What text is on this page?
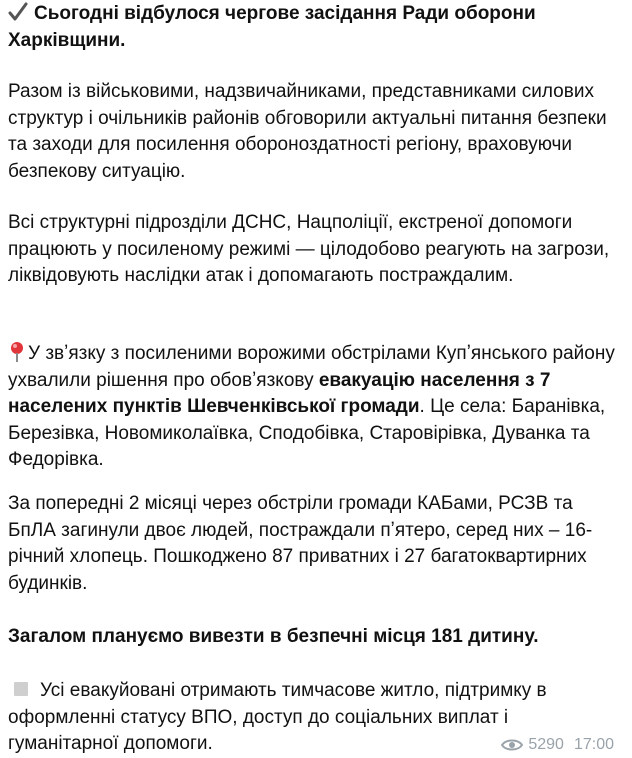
Сьогодні відбулося чергове засідання Ради оборони Харківщини.

Разом із військовими, надзвичайниками, представниками силових структур і очільників районів обговорили актуальні питання безпеки та заходи для посилення обороноздатності регіону, враховуючи безпекову ситуацію.

Всі структурні підрозділи ДСНС, Нацполіції, екстреної допомоги працюють у посиленому режимі — цілодобово реагують на загрози, ліквідовують наслідки атак і допомагають постраждалим.

У звʼязку з посиленими ворожими обстрілами Купʼянського району ухвалили рішення про обовʼязкову евакуацію населення з 7 населених пунктів Шевченківської громади. Це села: Баранівка, Березівка, Новомиколаївка, Сподобівка, Старовірівка, Дуванка та Федорівка.

За попередні 2 місяці через обстріли громади КАБами, РСЗВ та БпЛА загинули двоє людей, постраждали пʼятеро, серед них – 16-річний хлопець. Пошкоджено 87 приватних і 27 багатоквартирних будинків.

Загалом плануємо вивезти в безпечні місця 181 дитину.

Усі евакуйовані отримають тимчасове житло, підтримку в оформленні статусу ВПО, доступ до соціальних виплат і гуманітарної допомоги.	5290 17:00
